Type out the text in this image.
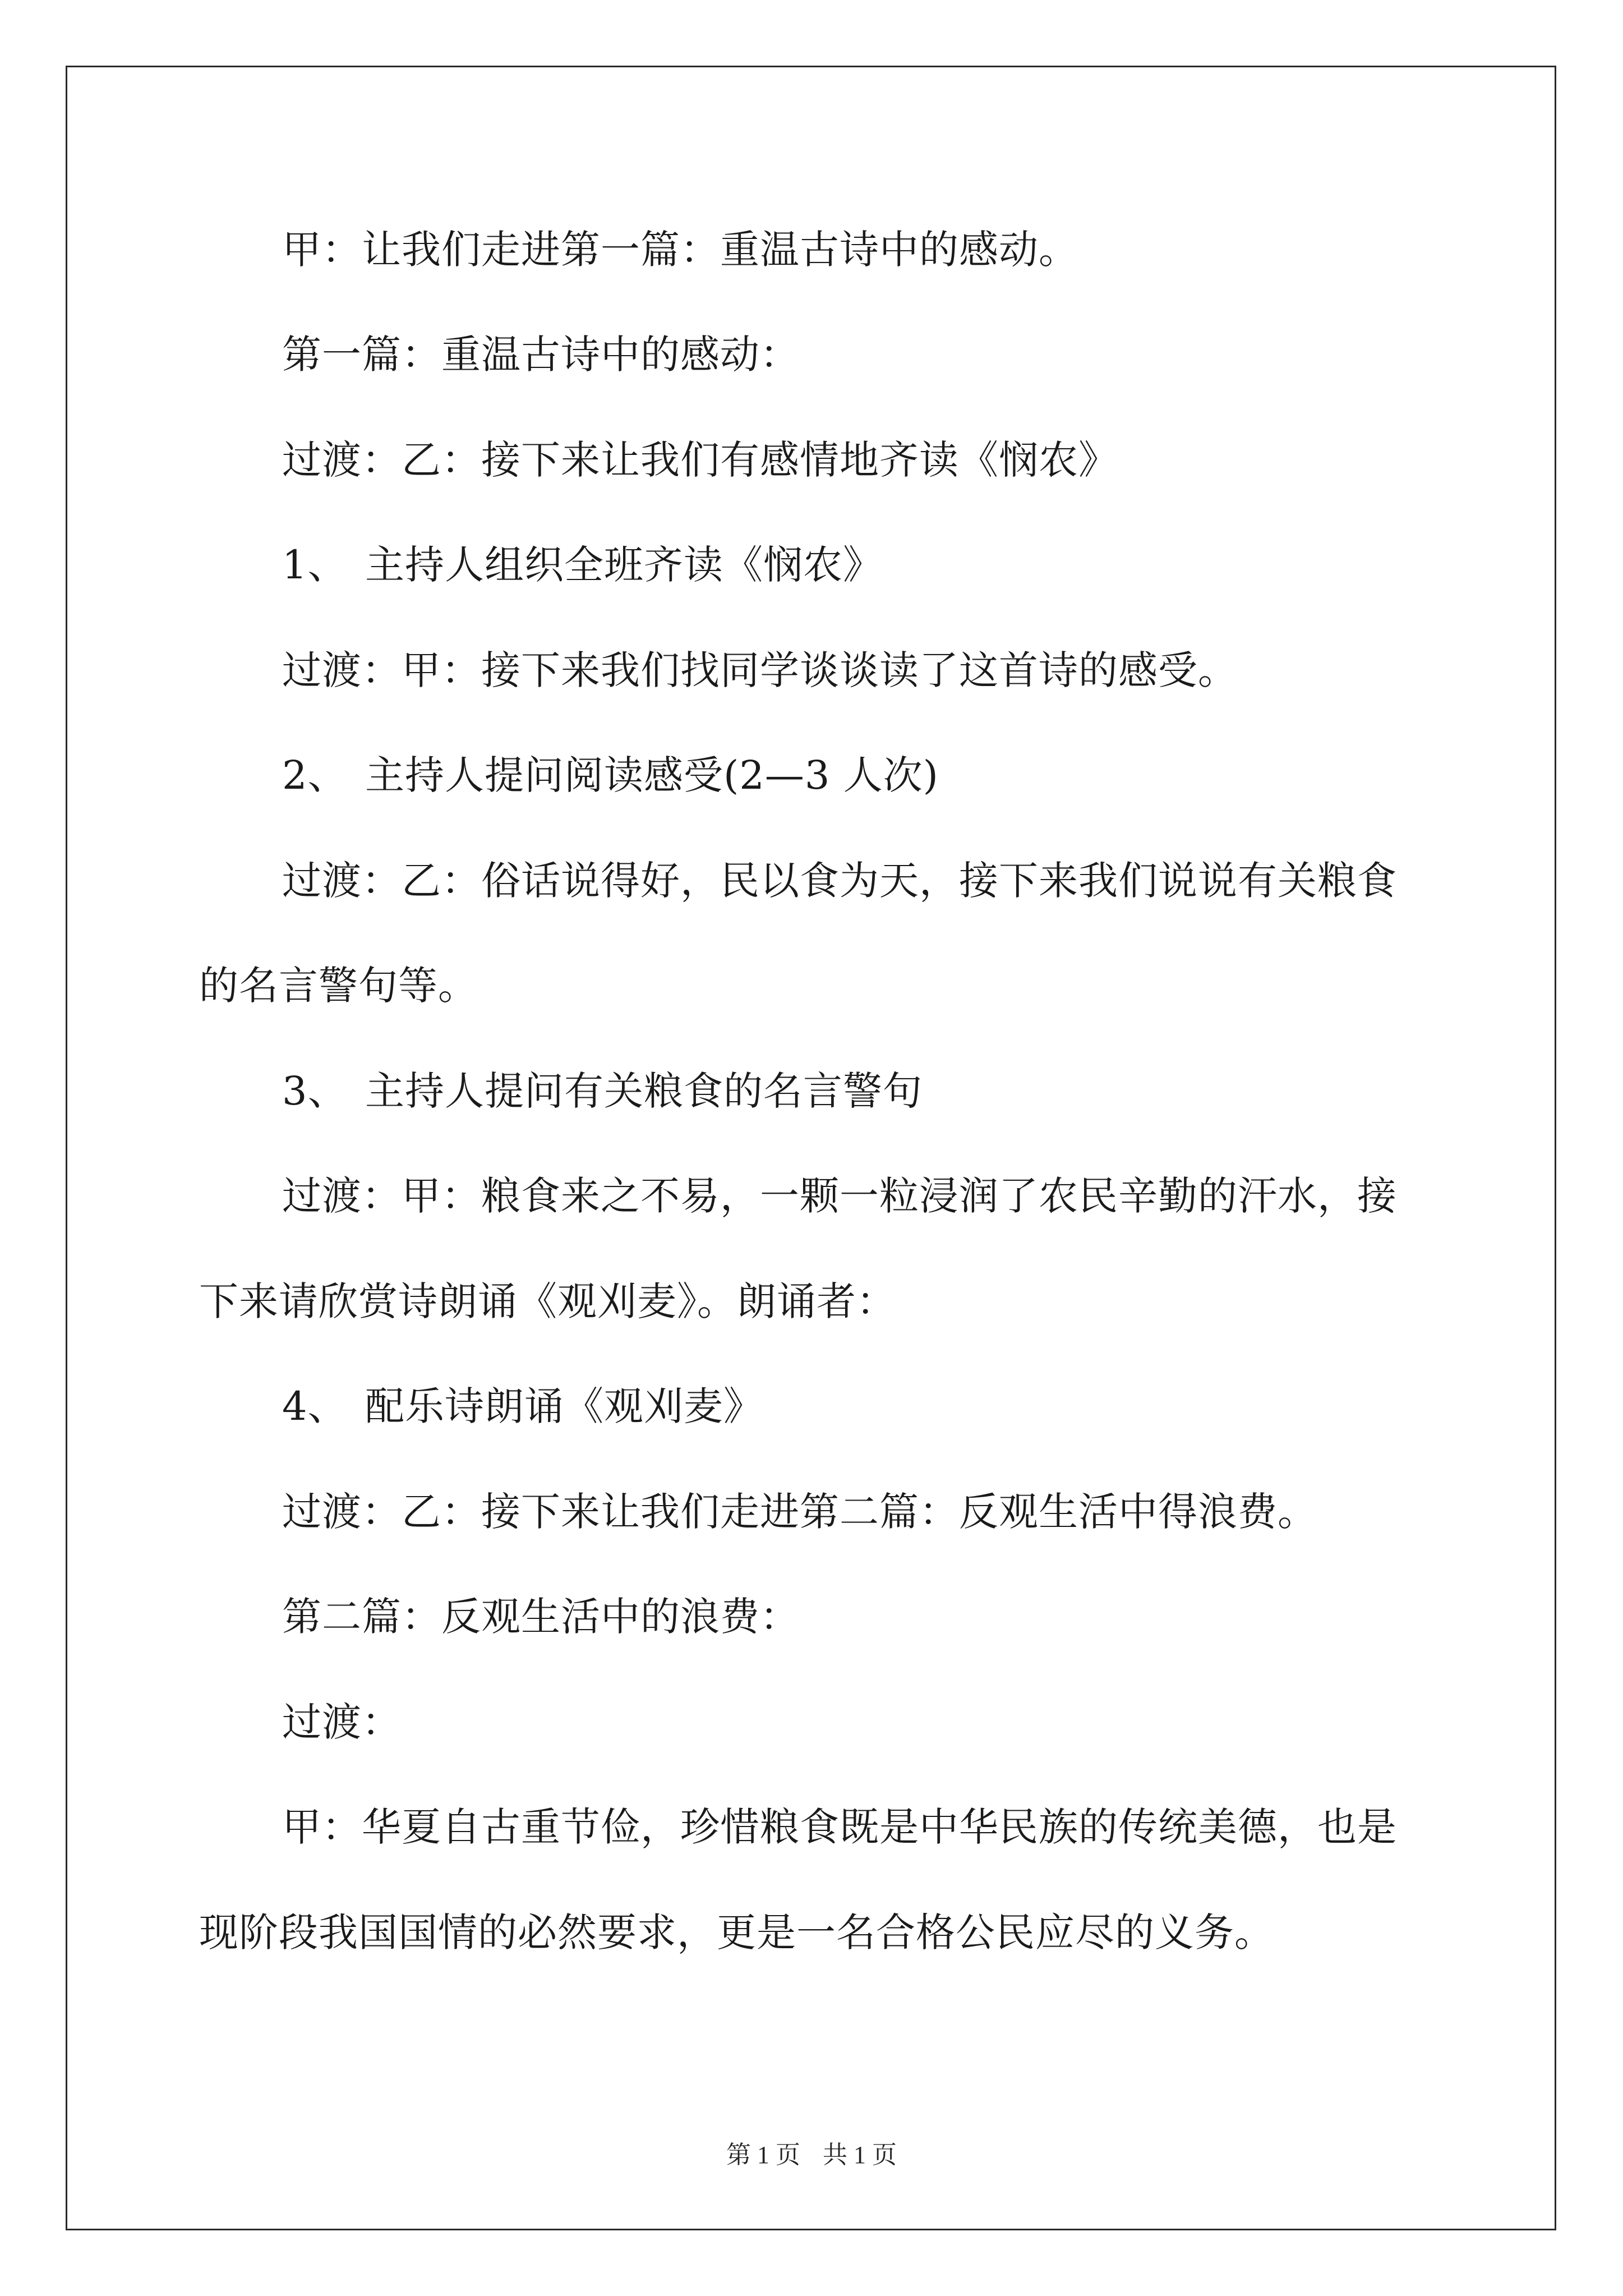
甲：让我们走进第一篇：重温古诗中的感动。
第一篇：重温古诗中的感动：
过渡：乙：接下来让我们有感情地齐读《悯农》
1、 主持人组织全班齐读《悯农》
过渡：甲：接下来我们找同学谈谈读了这首诗的感受。
2、 主持人提问阅读感受(2—3 人次)
过渡：乙：俗话说得好，民以食为天，接下来我们说说有关粮食
的名言警句等。
3、 主持人提问有关粮食的名言警句
过渡：甲：粮食来之不易，一颗一粒浸润了农民辛勤的汗水，接
下来请欣赏诗朗诵《观刈麦》。朗诵者：
4、 配乐诗朗诵《观刈麦》
过渡：乙：接下来让我们走进第二篇：反观生活中得浪费。
第二篇：反观生活中的浪费：
过渡：
甲：华夏自古重节俭，珍惜粮食既是中华民族的传统美德，也是
现阶段我国国情的必然要求，更是一名合格公民应尽的义务。
第 1 页 共 1 页
